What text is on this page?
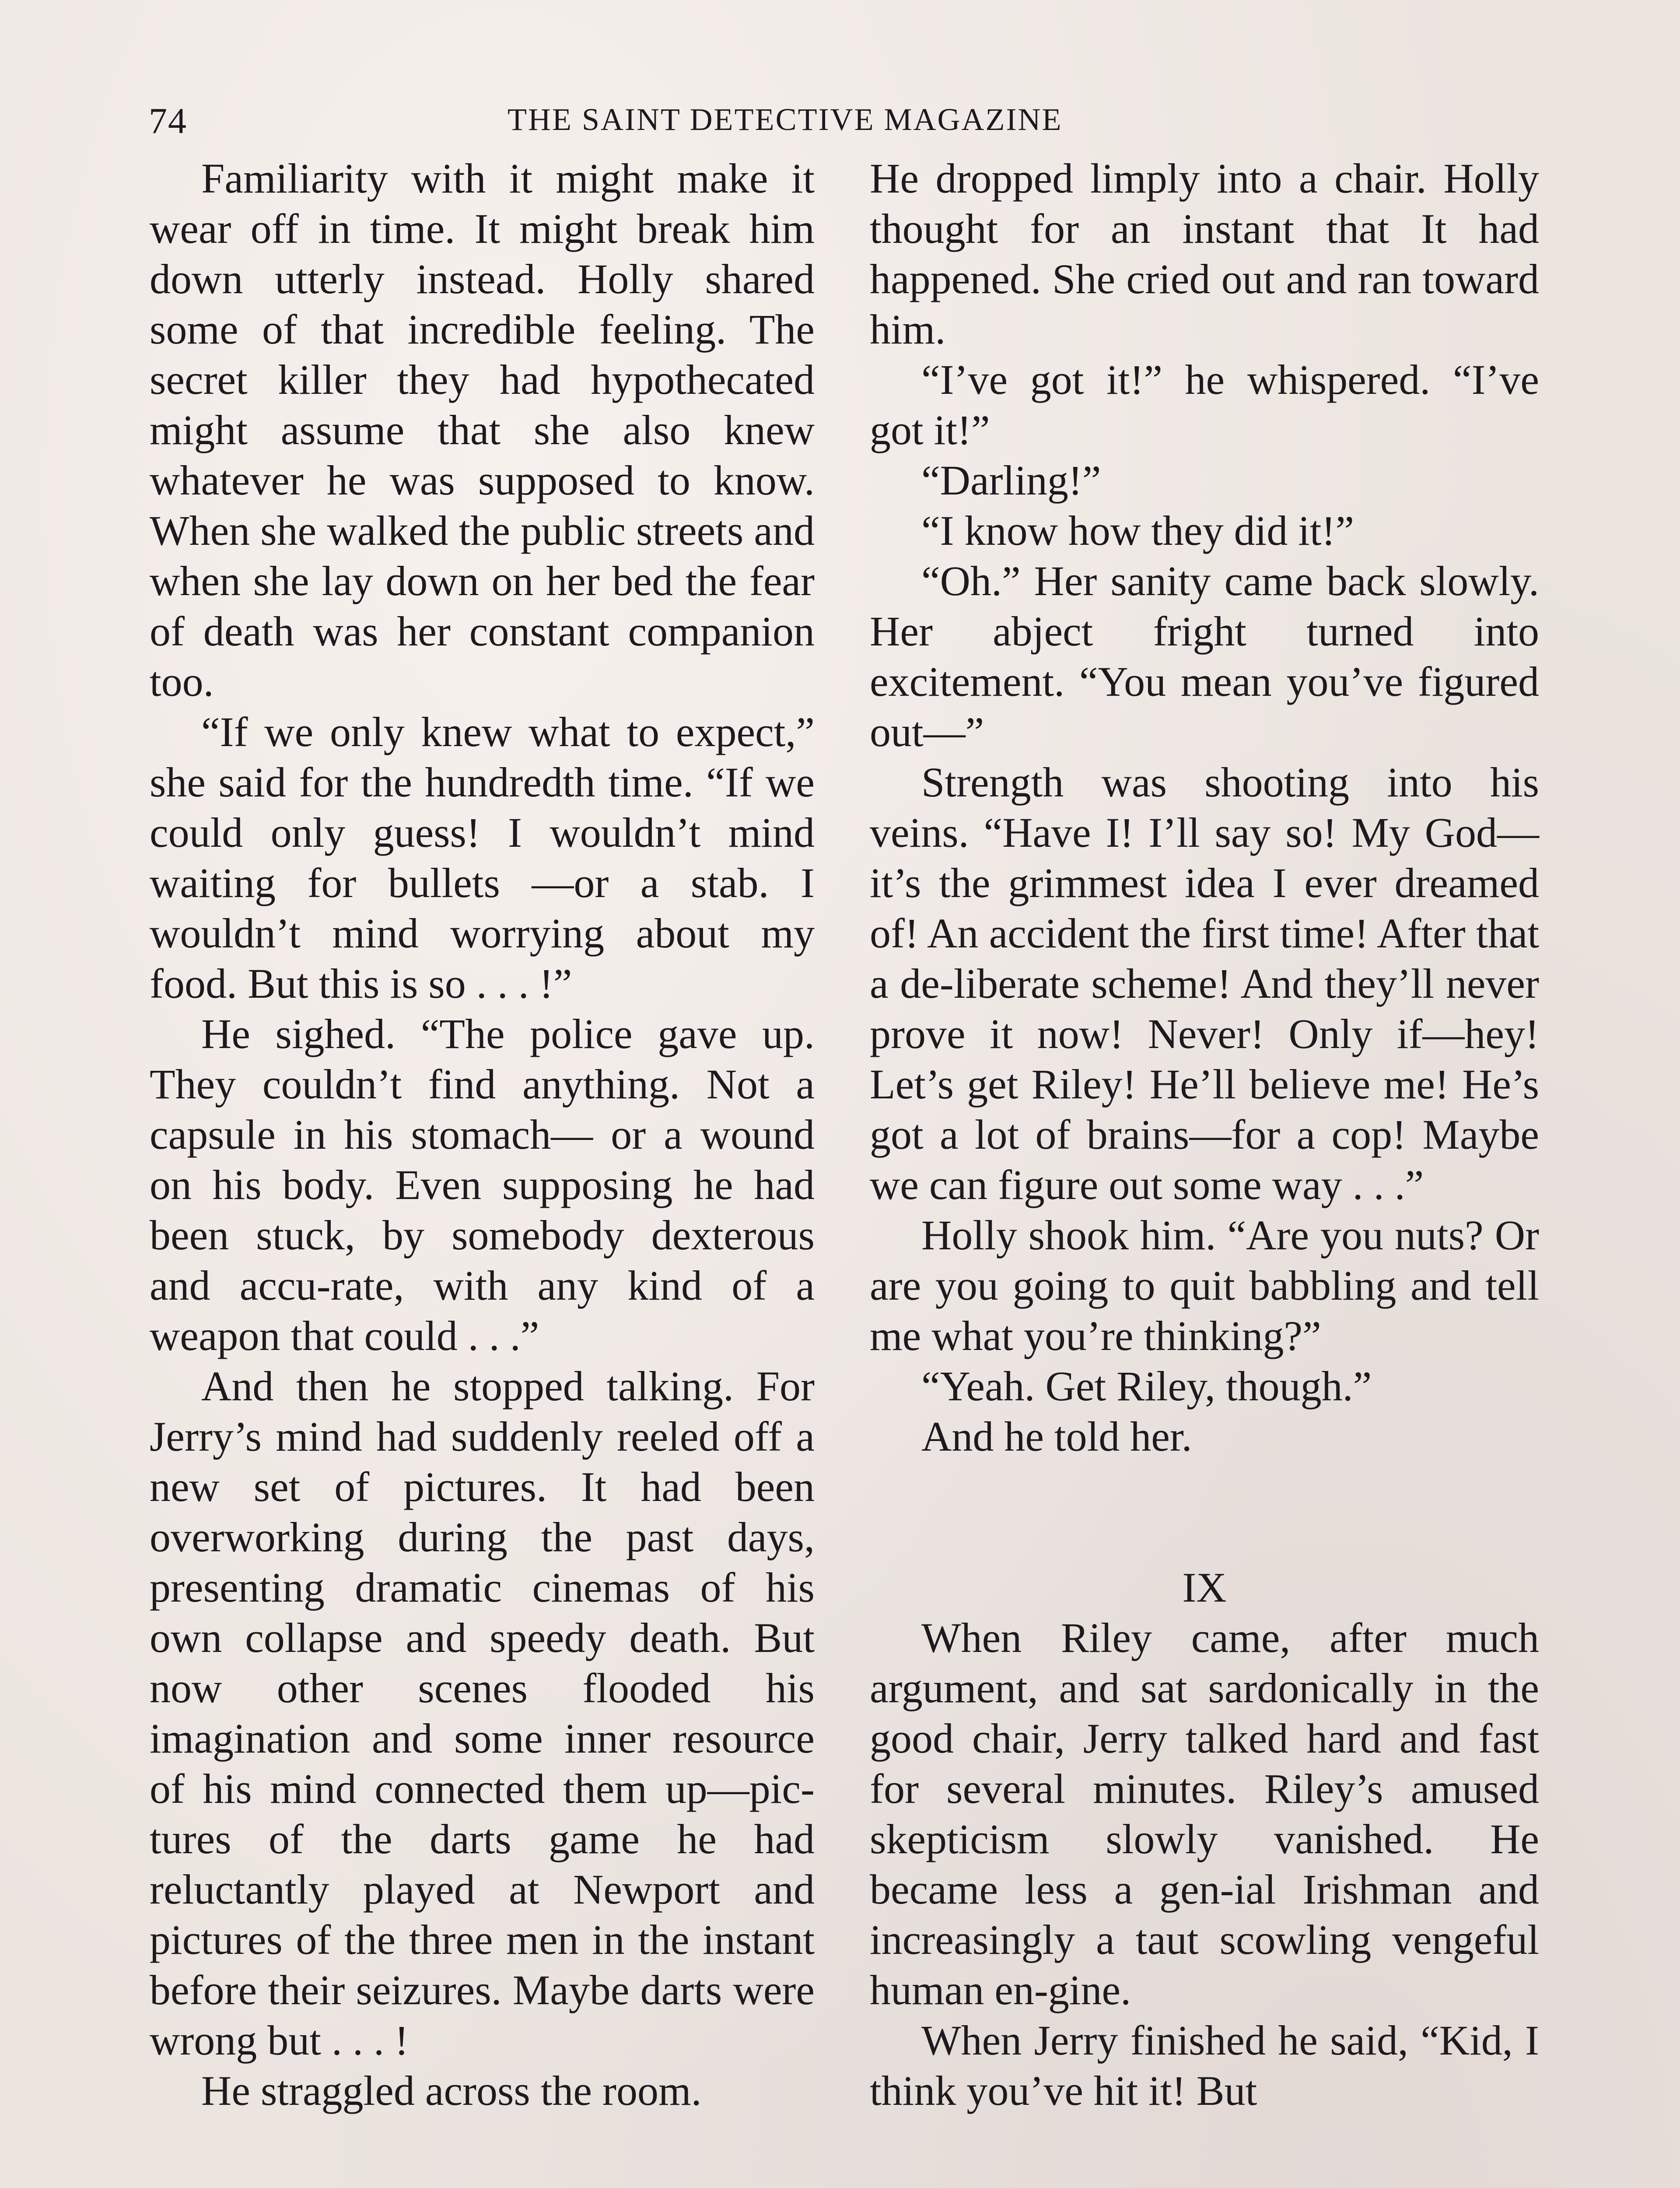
74	THE SAINT DETECTIVE MAGAZINE

Familiarity with it might make it wear off in time. It might break him down utterly instead. Holly shared some of that incredible feeling. The secret killer they had hypothecated might assume that she also knew whatever he was supposed to know. When she walked the public streets and when she lay down on her bed the fear of death was her constant companion too.

“If we only knew what to expect,” she said for the hundredth time. “If we could only guess! I wouldn’t mind waiting for bullets —or a stab. I wouldn’t mind worrying about my food. But this is so . . . !”

He sighed. “The police gave up. They couldn’t find anything. Not a capsule in his stomach— or a wound on his body. Even supposing he had been stuck, by somebody dexterous and accu-rate, with any kind of a weapon that could . . .”

And then he stopped talking. For Jerry’s mind had suddenly reeled off a new set of pictures. It had been overworking during the past days, presenting dramatic cinemas of his own collapse and speedy death. But now other scenes flooded his imagination and some inner resource of his mind connected them up—pic-tures of the darts game he had reluctantly played at Newport and pictures of the three men in the instant before their seizures. Maybe darts were wrong but . . . !

He straggled across the room.

He dropped limply into a chair. Holly thought for an instant that It had happened. She cried out and ran toward him.

“I’ve got it!” he whispered. “I’ve got it!”

“Darling!”

“I know how they did it!”

“Oh.” Her sanity came back slowly. Her abject fright turned into excitement. “You mean you’ve figured out—”

Strength was shooting into his veins. “Have I! I’ll say so! My God—it’s the grimmest idea I ever dreamed of! An accident the first time! After that a de-liberate scheme! And they’ll never prove it now! Never! Only if—hey! Let’s get Riley! He’ll believe me! He’s got a lot of brains—for a cop! Maybe we can figure out some way . . .”

Holly shook him. “Are you nuts? Or are you going to quit babbling and tell me what you’re thinking?”

“Yeah. Get Riley, though.”

And he told her.

IX

When Riley came, after much argument, and sat sardonically in the good chair, Jerry talked hard and fast for several minutes. Riley’s amused skepticism slowly vanished. He became less a gen-ial Irishman and increasingly a taut scowling vengeful human en-gine.

When Jerry finished he said, “Kid, I think you’ve hit it! But
